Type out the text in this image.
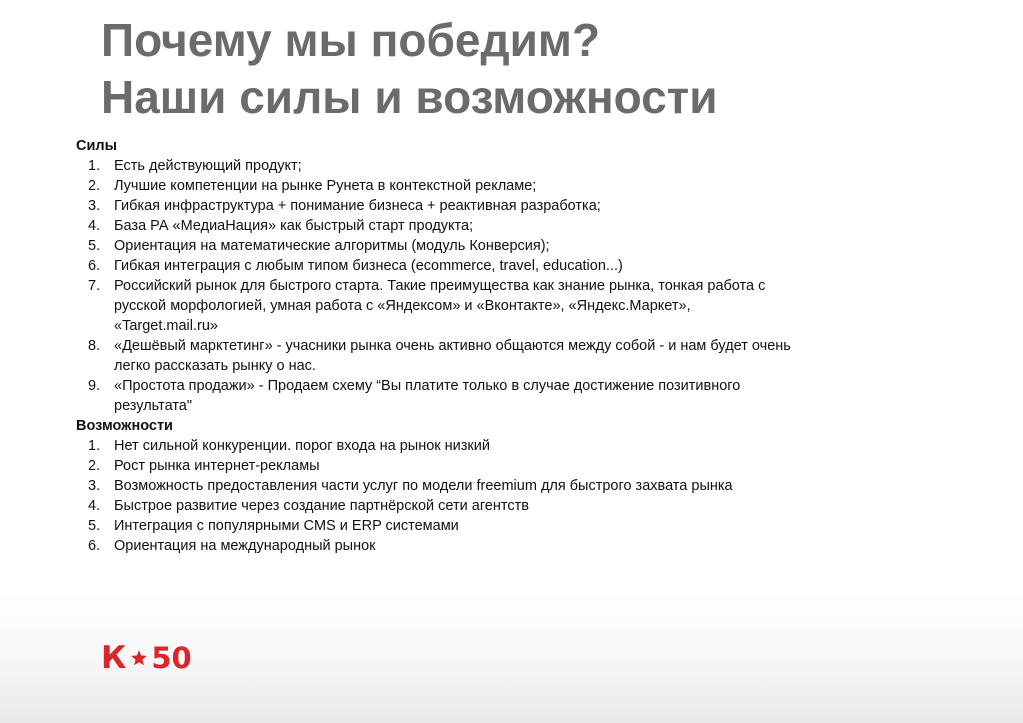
Почему мы победим?
Наши силы и возможности
Силы
1. Есть действующий продукт;
2. Лучшие компетенции на рынке Рунета в контекстной рекламе;
3. Гибкая инфраструктура + понимание бизнеса + реактивная разработка;
4. База РА «МедиаНация» как быстрый старт продукта;
5. Ориентация на математические алгоритмы (модуль Конверсия);
6. Гибкая интеграция с любым типом бизнеса (ecommerce, travel, education...)
7. Российский рынок для быстрого старта. Такие преимущества как знание рынка, тонкая работа с
русской морфологией, умная работа с «Яндексом» и «Вконтакте», «Яндекс.Маркет»,
«Target.mail.ru»
8. «Дешёвый марктетинг» - учасники рынка очень активно общаются между собой - и нам будет очень
легко рассказать рынку о нас.
9. «Простота продажи» - Продаем схему “Вы платите только в случае достижение позитивного
результата"
Возможности
1. Нет сильной конкуренции. порог входа на рынок низкий
2. Рост рынка интернет-рекламы
3. Возможность предоставления части услуг по модели freemium для быстрого захвата рынка
4. Быстрое развитие через создание партнёрской сети агентств
5. Интеграция с популярными CMS и ERP системами
6. Ориентация на международный рынок
К 50
